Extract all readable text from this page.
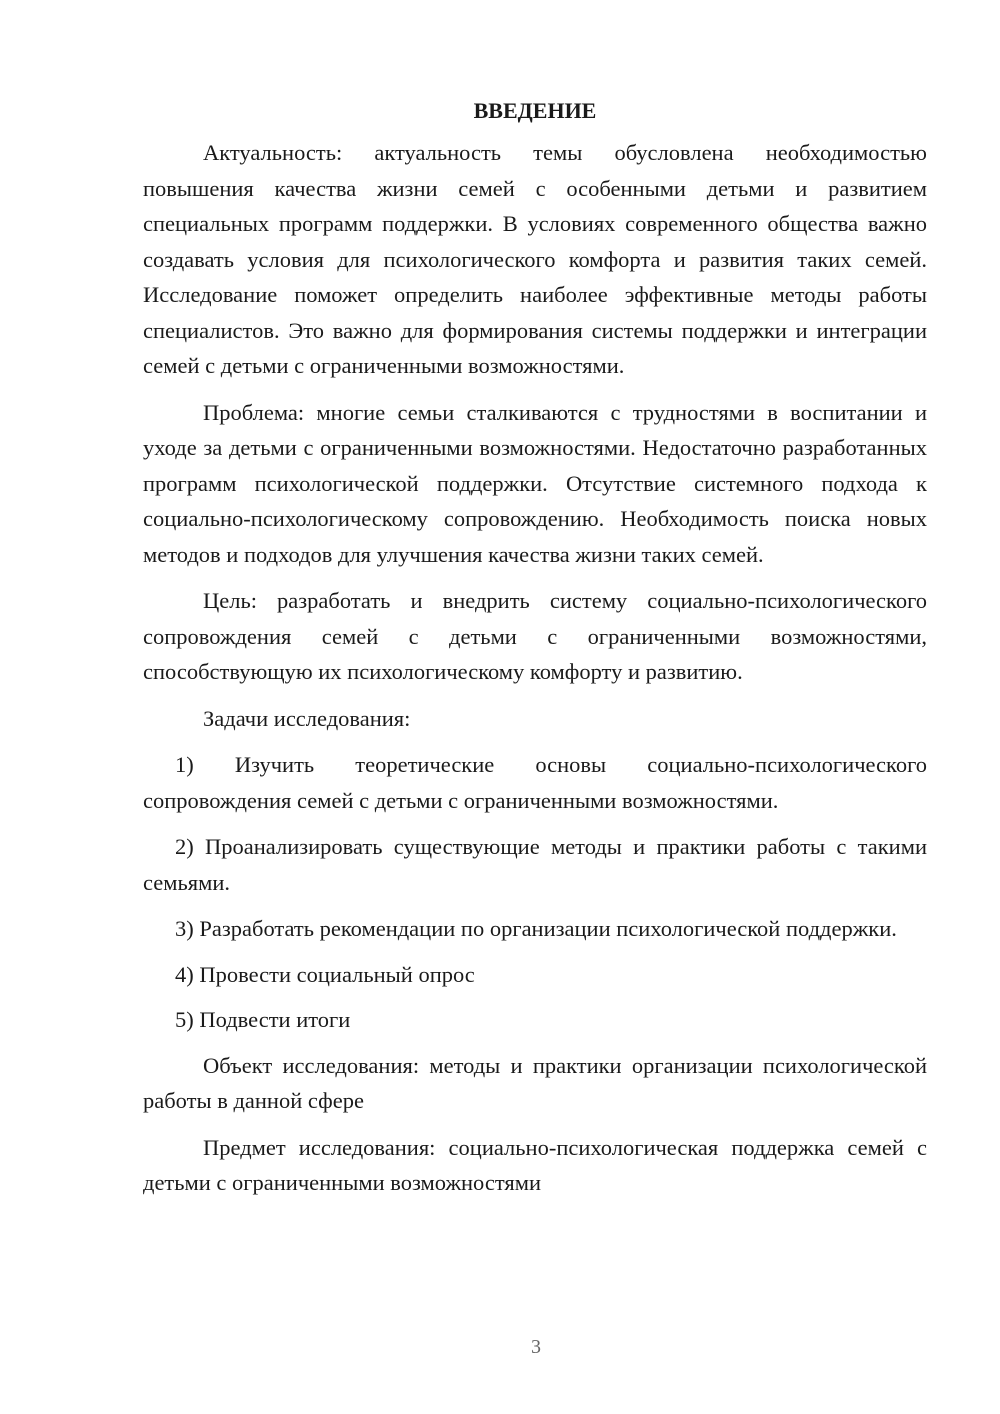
ВВЕДЕНИЕ

Актуальность: актуальность темы обусловлена необходимостью повышения качества жизни семей с особенными детьми и развитием специальных программ поддержки. В условиях современного общества важно создавать условия для психологического комфорта и развития таких семей. Исследование поможет определить наиболее эффективные методы работы специалистов. Это важно для формирования системы поддержки и интеграции семей с детьми с ограниченными возможностями.

Проблема: многие семьи сталкиваются с трудностями в воспитании и уходе за детьми с ограниченными возможностями. Недостаточно разработанных программ психологической поддержки. Отсутствие системного подхода к социально-психологическому сопровождению. Необходимость поиска новых методов и подходов для улучшения качества жизни таких семей.

Цель: разработать и внедрить систему социально-психологического сопровождения семей с детьми с ограниченными возможностями, способствующую их психологическому комфорту и развитию.

Задачи исследования:

1) Изучить теоретические основы социально-психологического сопровождения семей с детьми с ограниченными возможностями.

2) Проанализировать существующие методы и практики работы с такими семьями.

3) Разработать рекомендации по организации психологической поддержки.

4) Провести социальный опрос

5) Подвести итоги

Объект исследования: методы и практики организации психологической работы в данной сфере

Предмет исследования: социально-психологическая поддержка семей с детьми с ограниченными возможностями

3
